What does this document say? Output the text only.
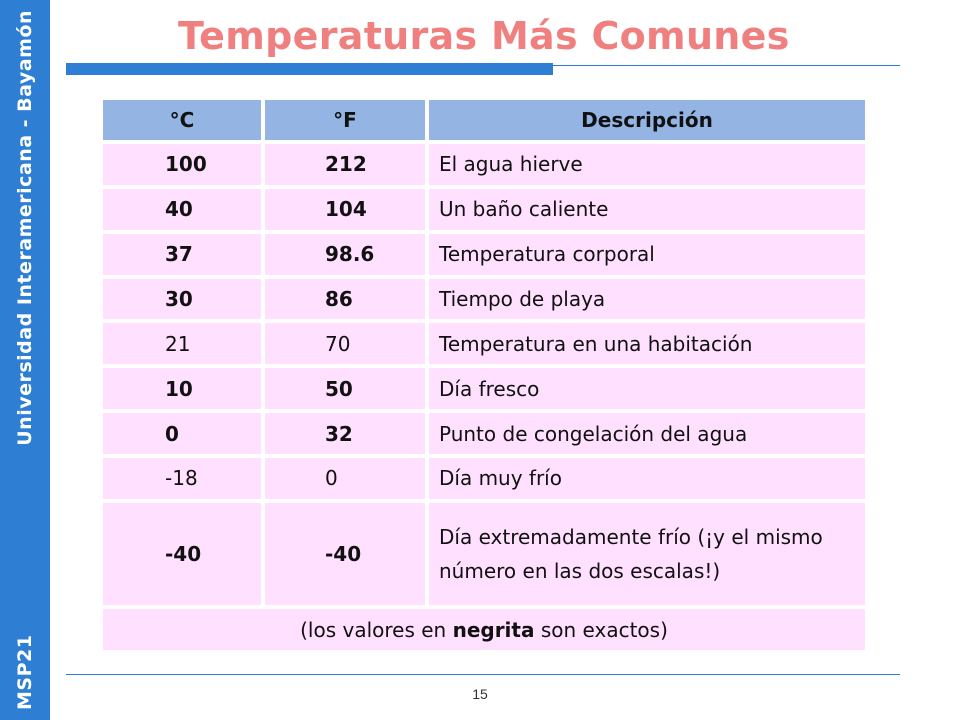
MSP21
Universidad Interamericana - Bayamón	Temperaturas Más Comunes
°C	°F	Descripción
100	212	El agua hierve
40	104	Un baño caliente
37	98.6	Temperatura corporal
30	86	Tiempo de playa
21	70	Temperatura en una habitación
10	50	Día fresco
0	32	Punto de congelación del agua
-18	0	Día muy frío
-40	-40	Día extremadamente frío (¡y el mismo número en las dos escalas!)
(los valores en negrita son exactos)		
15
